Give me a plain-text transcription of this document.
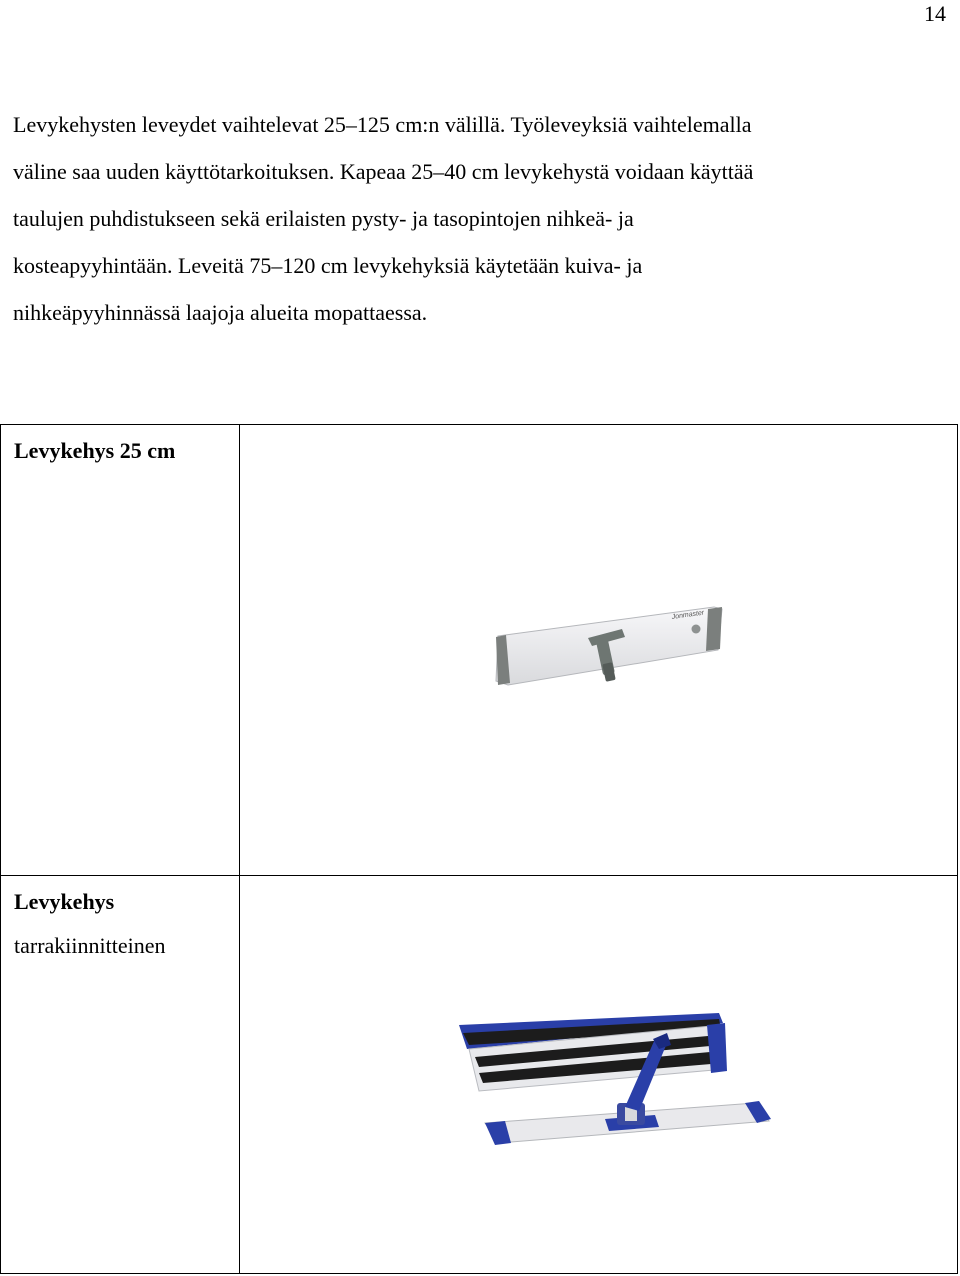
14

Levykehysten leveydet vaihtelevat 25–125 cm:n välillä. Työleveyksiä vaihtelemalla
väline saa uuden käyttötarkoituksen. Kapeaa 25–40 cm levykehystä voidaan käyttää
taulujen puhdistukseen sekä erilaisten pysty- ja tasopintojen nihkeä- ja
kosteapyyhintään. Leveitä 75–120 cm levykehyksiä käytetään kuiva- ja
nihkeäpyyhinnässä laajoja alueita mopattaessa.

Levykehys 25 cm	Jonmaster

Levykehys
tarrakiinnitteinen
